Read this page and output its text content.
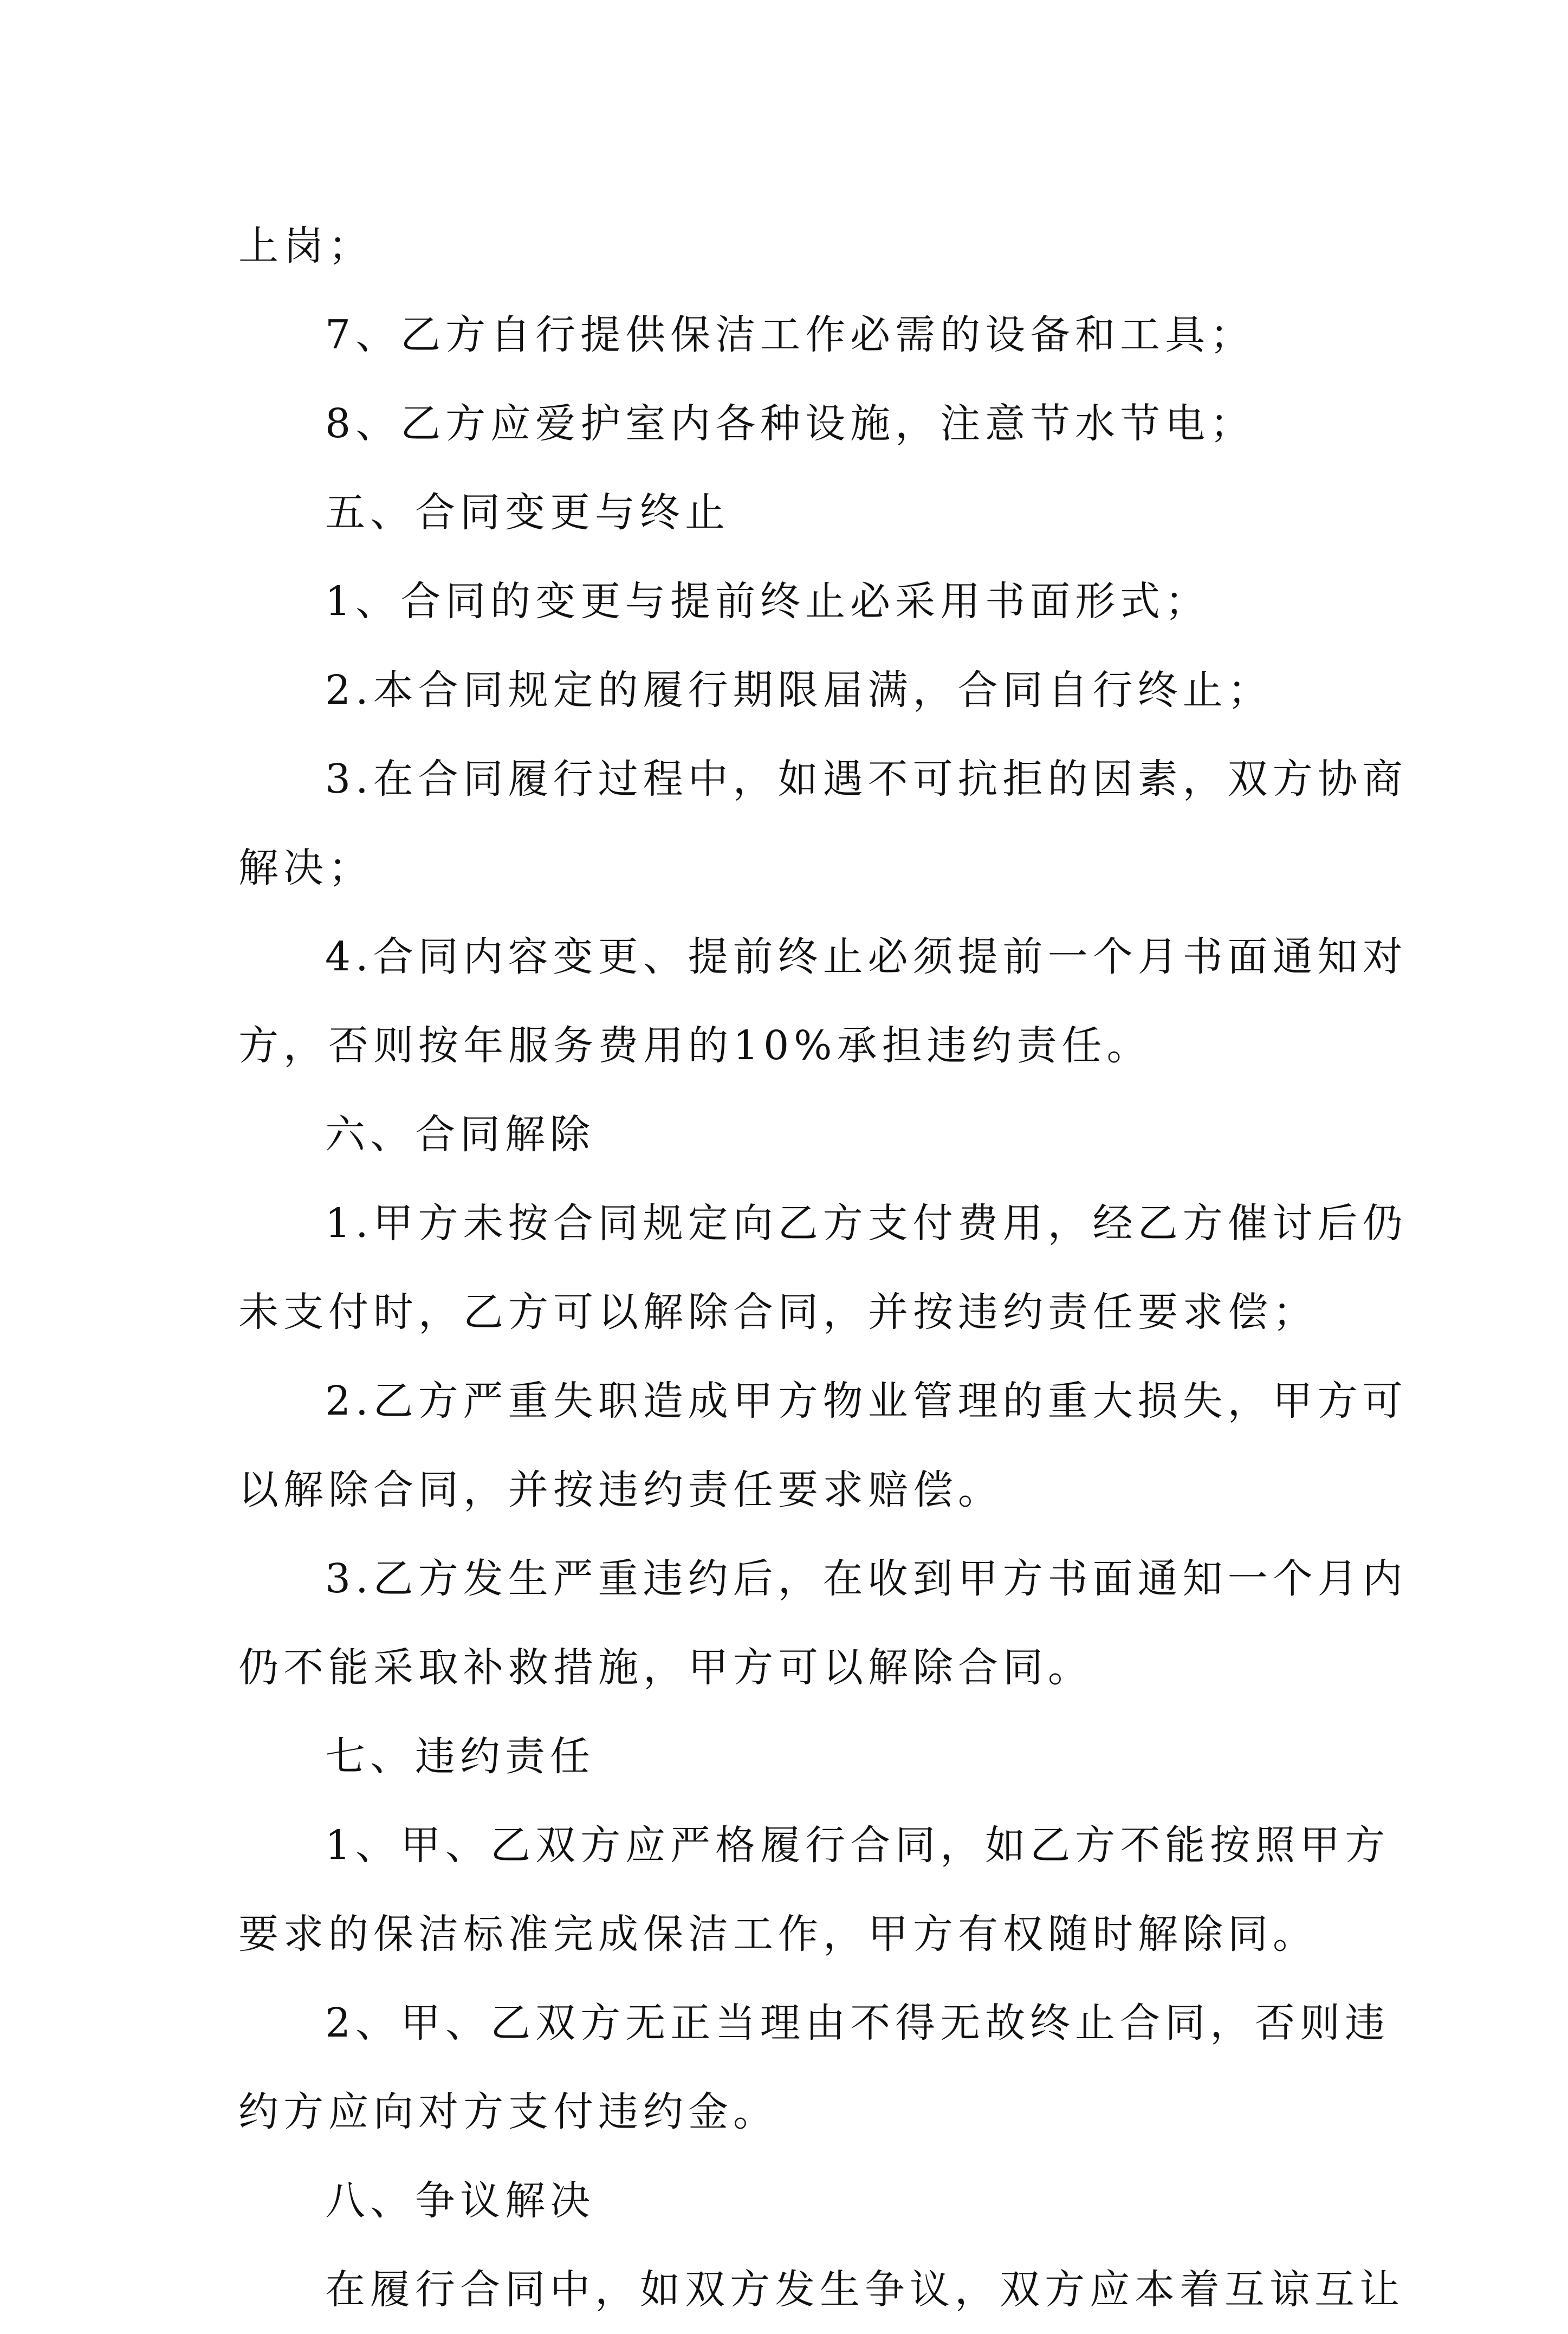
上岗；
7、乙方自行提供保洁工作必需的设备和工具；
8、乙方应爱护室内各种设施，注意节水节电；
五、合同变更与终止
1、合同的变更与提前终止必采用书面形式；
2.本合同规定的履行期限届满，合同自行终止；
3.在合同履行过程中，如遇不可抗拒的因素，双方协商
解决；
4.合同内容变更、提前终止必须提前一个月书面通知对
方，否则按年服务费用的10%承担违约责任。
六、合同解除
1.甲方未按合同规定向乙方支付费用，经乙方催讨后仍
未支付时，乙方可以解除合同，并按违约责任要求偿；
2.乙方严重失职造成甲方物业管理的重大损失，甲方可
以解除合同，并按违约责任要求赔偿。
3.乙方发生严重违约后，在收到甲方书面通知一个月内
仍不能采取补救措施，甲方可以解除合同。
七、违约责任
1、甲、乙双方应严格履行合同，如乙方不能按照甲方
要求的保洁标准完成保洁工作，甲方有权随时解除同。
2、甲、乙双方无正当理由不得无故终止合同，否则违
约方应向对方支付违约金。
八、争议解决
在履行合同中，如双方发生争议，双方应本着互谅互让
